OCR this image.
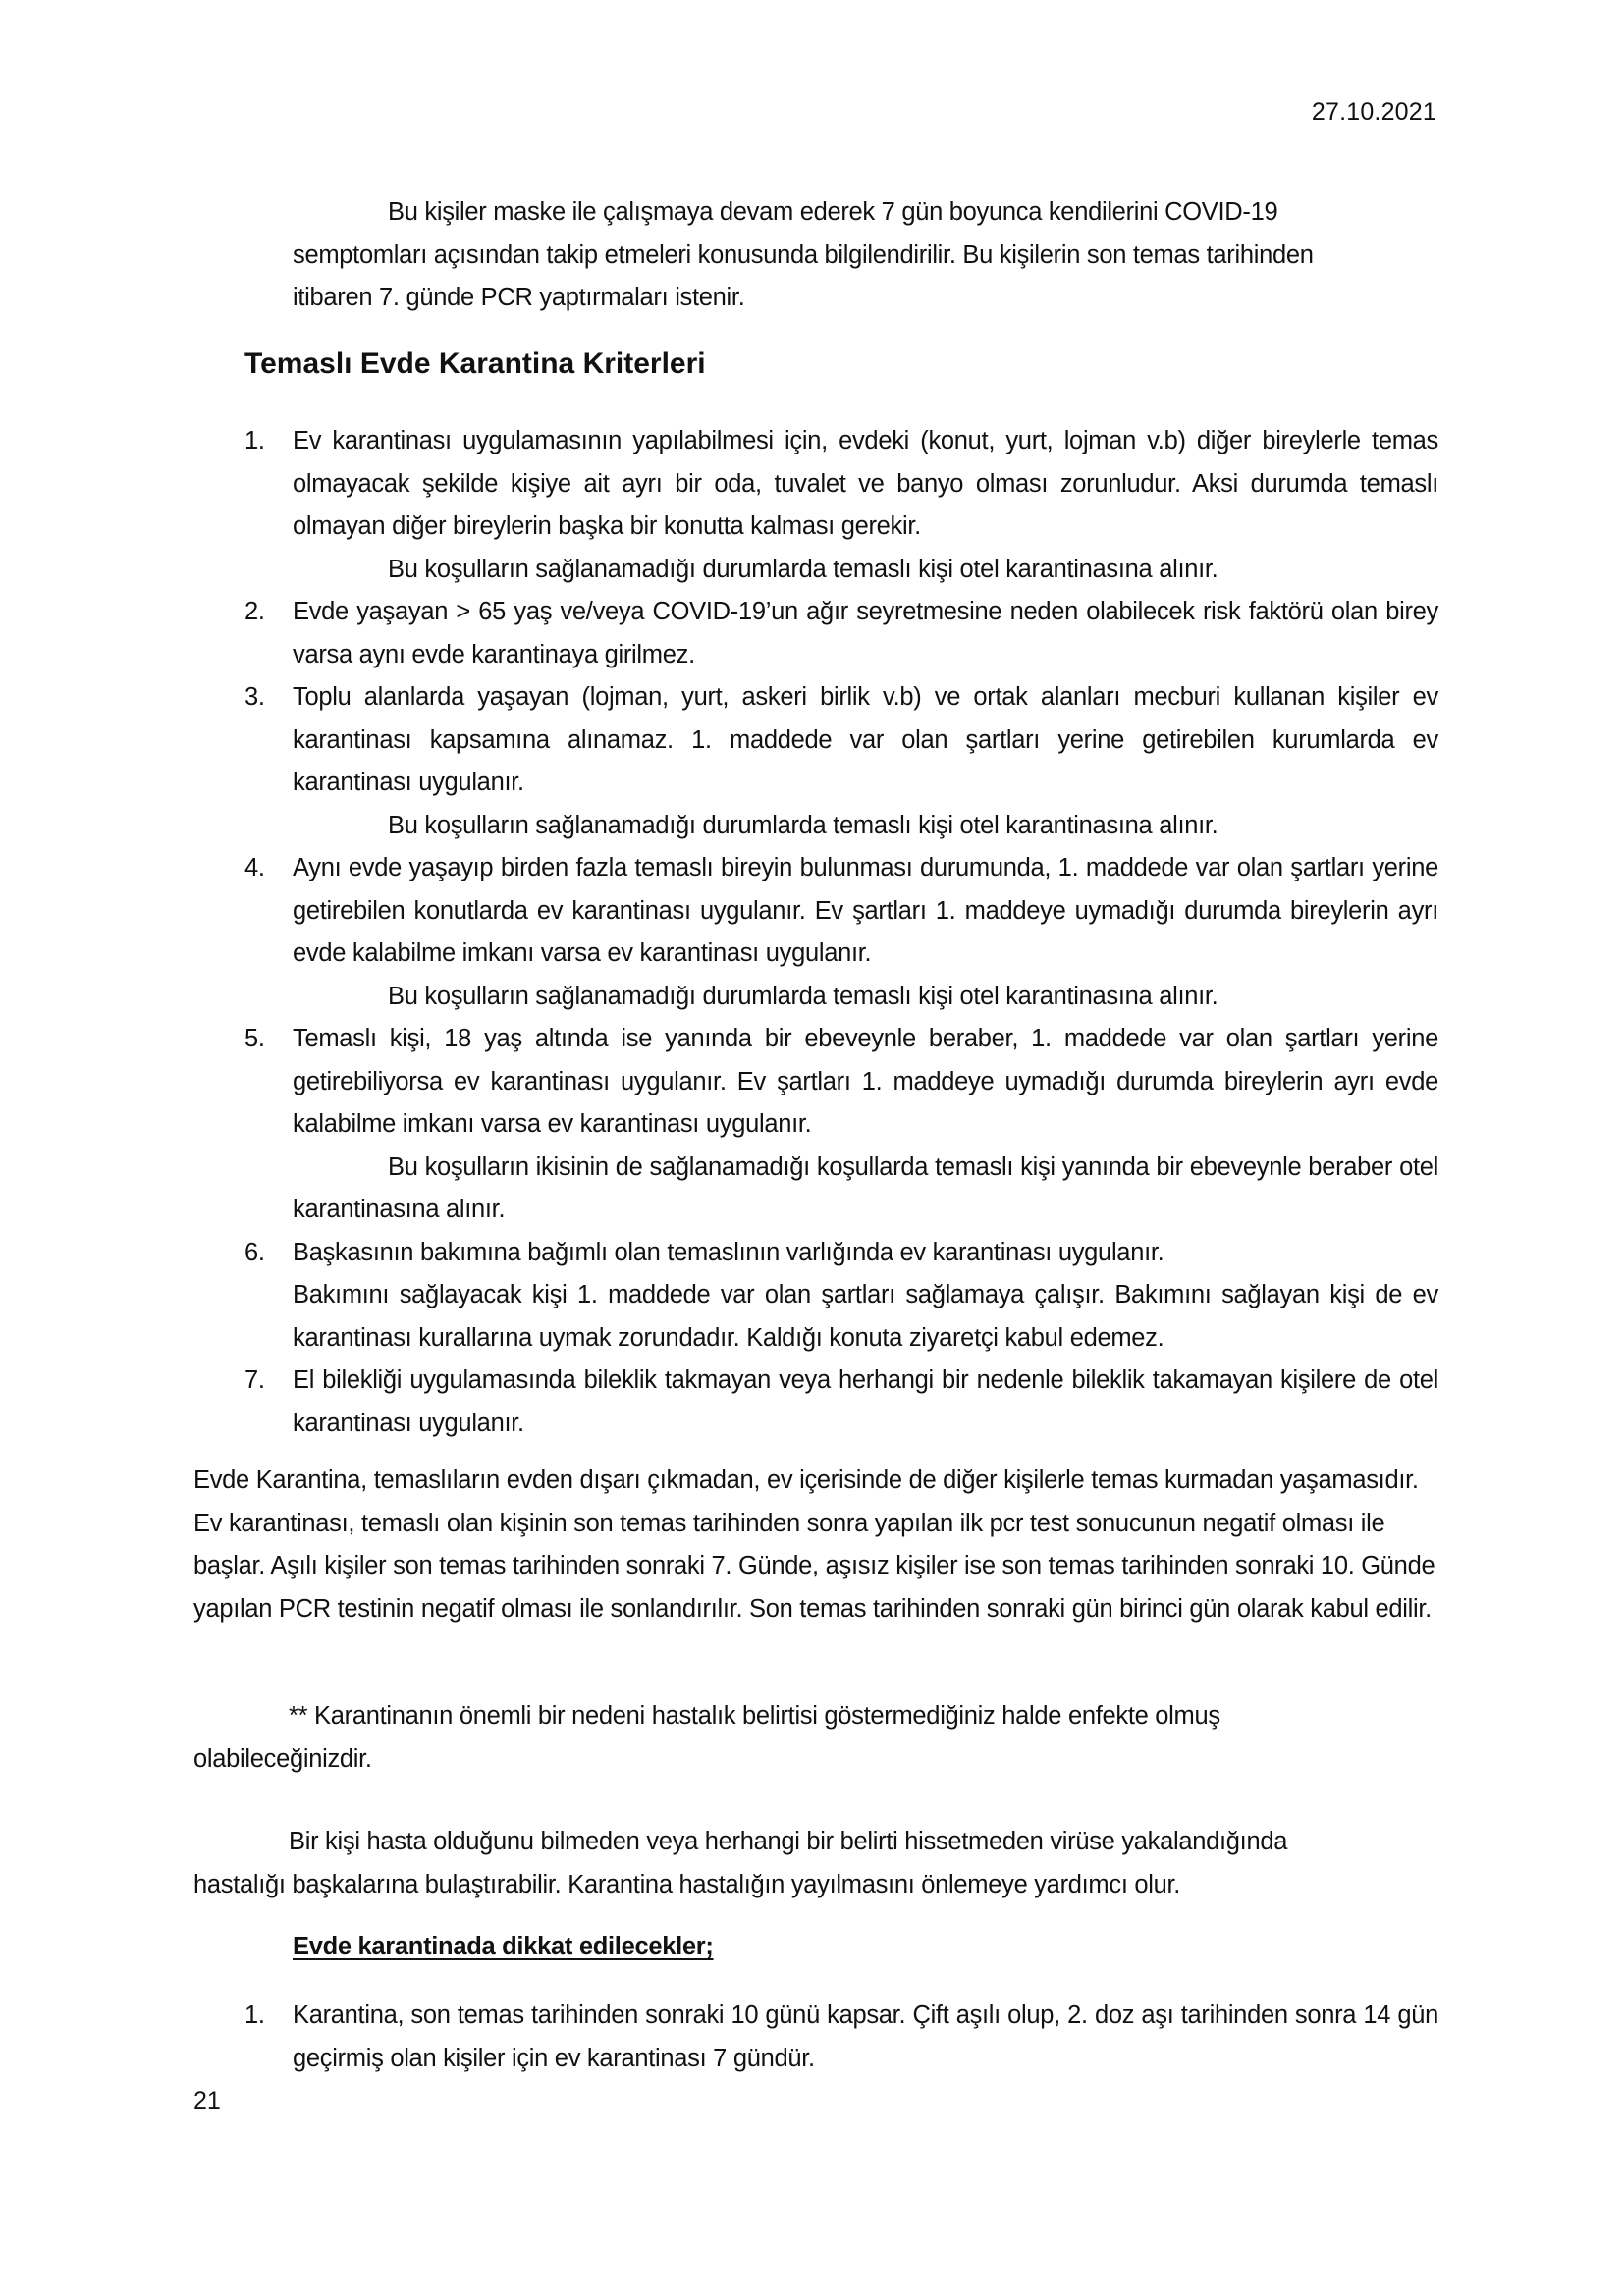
27.10.2021
Bu kişiler maske ile çalışmaya devam ederek 7 gün boyunca kendilerini COVID-19 semptomları açısından takip etmeleri konusunda bilgilendirilir. Bu kişilerin son temas tarihinden itibaren 7. günde PCR yaptırmaları istenir.
Temaslı Evde Karantina Kriterleri
1. Ev karantinası uygulamasının yapılabilmesi için, evdeki (konut, yurt, lojman v.b) diğer bireylerle temas olmayacak şekilde kişiye ait ayrı bir oda, tuvalet ve banyo olması zorunludur. Aksi durumda temaslı olmayan diğer bireylerin başka bir konutta kalması gerekir.
Bu koşulların sağlanamadığı durumlarda temaslı kişi otel karantinasına alınır.
2. Evde yaşayan > 65 yaş ve/veya COVID-19’un ağır seyretmesine neden olabilecek risk faktörü olan birey varsa aynı evde karantinaya girilmez.
3. Toplu alanlarda yaşayan (lojman, yurt, askeri birlik v.b) ve ortak alanları mecburi kullanan kişiler ev karantinası kapsamına alınamaz. 1. maddede var olan şartları yerine getirebilen kurumlarda ev karantinası uygulanır.
Bu koşulların sağlanamadığı durumlarda temaslı kişi otel karantinasına alınır.
4. Aynı evde yaşayıp birden fazla temaslı bireyin bulunması durumunda, 1. maddede var olan şartları yerine getirebilen konutlarda ev karantinası uygulanır. Ev şartları 1. maddeye uymadığı durumda bireylerin ayrı evde kalabilme imkanı varsa ev karantinası uygulanır.
Bu koşulların sağlanamadığı durumlarda temaslı kişi otel karantinasına alınır.
5. Temaslı kişi, 18 yaş altında ise yanında bir ebeveynle beraber, 1. maddede var olan şartları yerine getirebiliyorsa ev karantinası uygulanır. Ev şartları 1. maddeye uymadığı durumda bireylerin ayrı evde kalabilme imkanı varsa ev karantinası uygulanır.
Bu koşulların ikisinin de sağlanamadığı koşullarda temaslı kişi yanında bir ebeveynle beraber otel karantinasına alınır.
6. Başkasının bakımına bağımlı olan temaslının varlığında ev karantinası uygulanır.
Bakımını sağlayacak kişi 1. maddede var olan şartları sağlamaya çalışır. Bakımını sağlayan kişi de ev karantinası kurallarına uymak zorundadır. Kaldığı konuta ziyaretçi kabul edemez.
7. El bilekliği uygulamasında bileklik takmayan veya herhangi bir nedenle bileklik takamayan kişilere de otel karantinası uygulanır.
Evde Karantina, temaslıların evden dışarı çıkmadan, ev içerisinde de diğer kişilerle temas kurmadan yaşamasıdır. Ev karantinası, temaslı olan kişinin son temas tarihinden sonra yapılan ilk pcr test sonucunun negatif olması ile başlar. Aşılı kişiler son temas tarihinden sonraki 7. Günde, aşısız kişiler ise son temas tarihinden sonraki 10. Günde yapılan PCR testinin negatif olması ile sonlandırılır. Son temas tarihinden sonraki gün birinci gün olarak kabul edilir.
** Karantinanın önemli bir nedeni hastalık belirtisi göstermediğiniz halde enfekte olmuş
olabileceğinizdir.
Bir kişi hasta olduğunu bilmeden veya herhangi bir belirti hissetmeden virüse yakalandığında
hastalığı başkalarına bulaştırabilir. Karantina hastalığın yayılmasını önlemeye yardımcı olur.
Evde karantinada dikkat edilecekler;
1. Karantina, son temas tarihinden sonraki 10 günü kapsar. Çift aşılı olup, 2. doz aşı tarihinden sonra 14 gün geçirmiş olan kişiler için ev karantinası 7 gündür.
21
